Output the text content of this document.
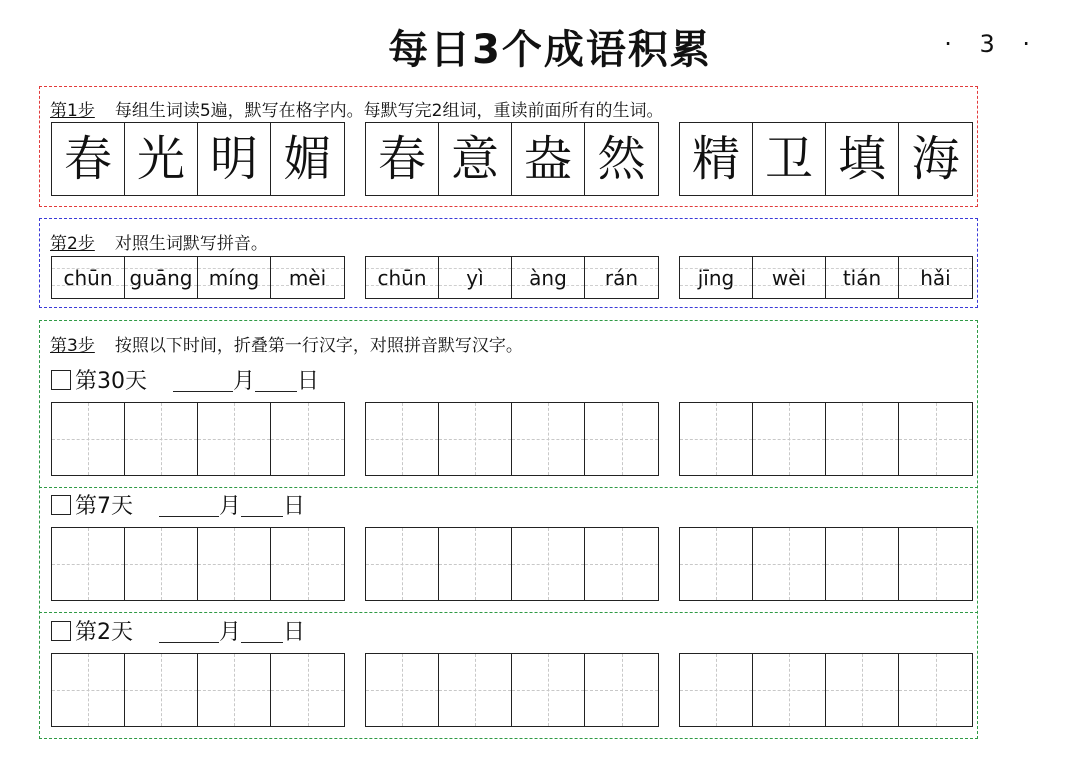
每日3个成语积累	· 3 ·
第1步 每组生词读5遍，默写在格字内。每默写完2组词，重读前面所有的生词。
春 光 明 媚 春 意 盎 然 精 卫 填 海
第2步 对照生词默写拼音。
chūn guāng míng mèi	chūn yì àng rán	jīng wèi tián hǎi
第3步 按照以下时间，折叠第一行汉字，对照拼音默写汉字。
第30天	月 日
第7天	月 日
第2天	月 日
